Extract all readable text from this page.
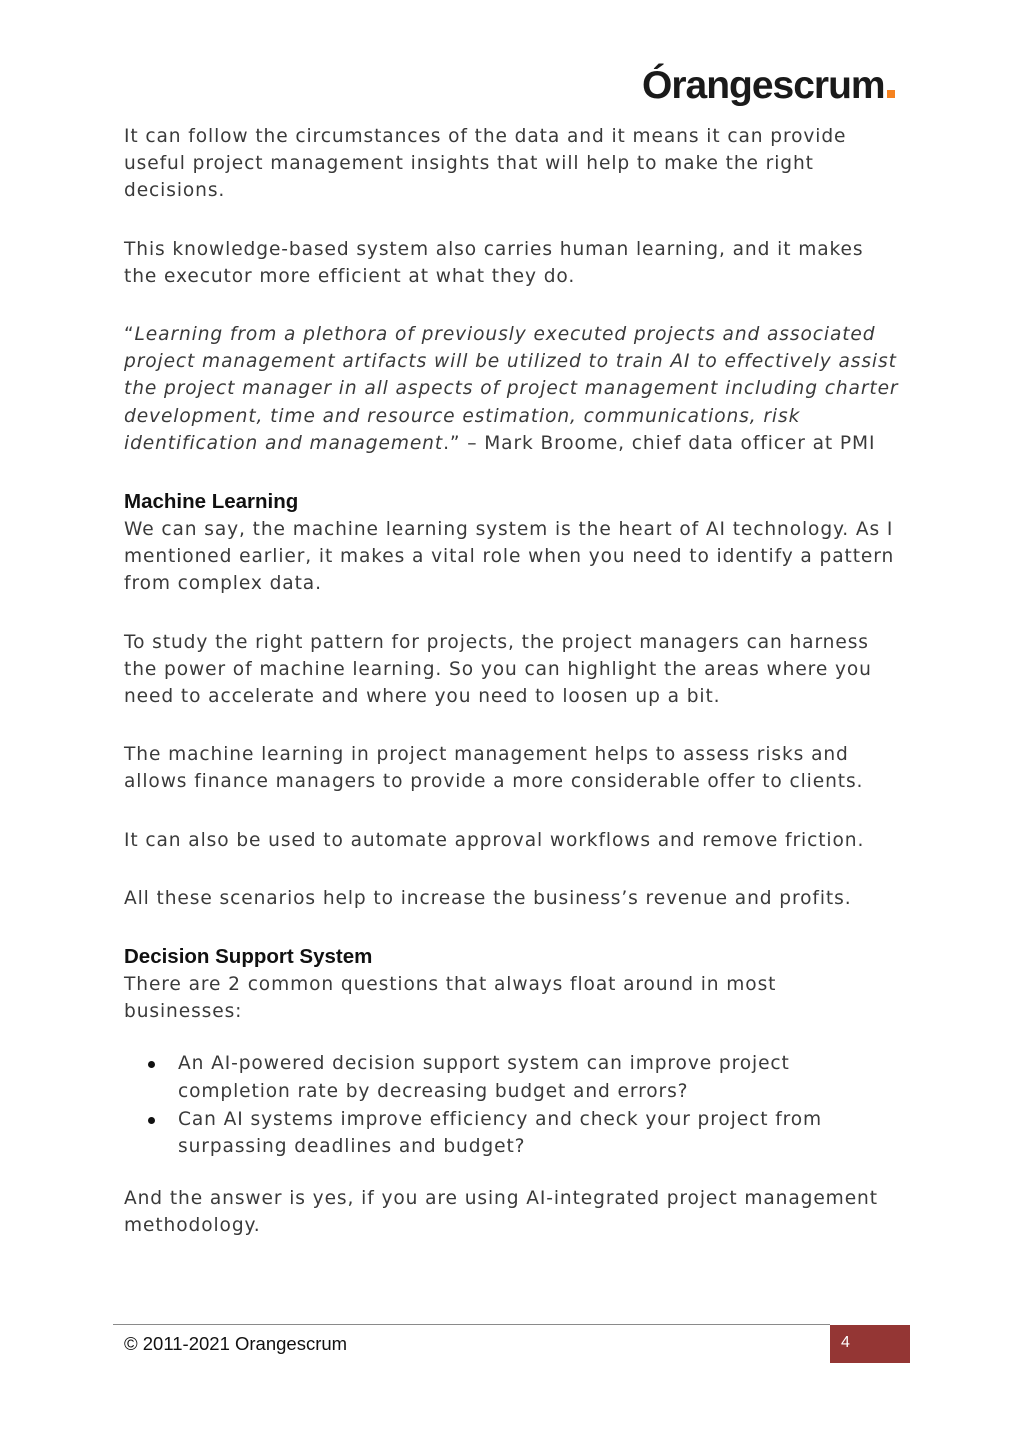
Órangescrum

It can follow the circumstances of the data and it means it can provide useful project management insights that will help to make the right decisions.

This knowledge-based system also carries human learning, and it makes the executor more efficient at what they do.

“Learning from a plethora of previously executed projects and associated project management artifacts will be utilized to train AI to effectively assist the project manager in all aspects of project management including charter development, time and resource estimation, communications, risk identification and management.” – Mark Broome, chief data officer at PMI

Machine Learning

We can say, the machine learning system is the heart of AI technology. As I mentioned earlier, it makes a vital role when you need to identify a pattern from complex data.

To study the right pattern for projects, the project managers can harness the power of machine learning. So you can highlight the areas where you need to accelerate and where you need to loosen up a bit.

The machine learning in project management helps to assess risks and allows finance managers to provide a more considerable offer to clients.

It can also be used to automate approval workflows and remove friction.

All these scenarios help to increase the business’s revenue and profits.

Decision Support System

There are 2 common questions that always float around in most businesses:

An AI-powered decision support system can improve project completion rate by decreasing budget and errors?
Can AI systems improve efficiency and check your project from surpassing deadlines and budget?

And the answer is yes, if you are using AI-integrated project management methodology.

© 2011-2021 Orangescrum	4
